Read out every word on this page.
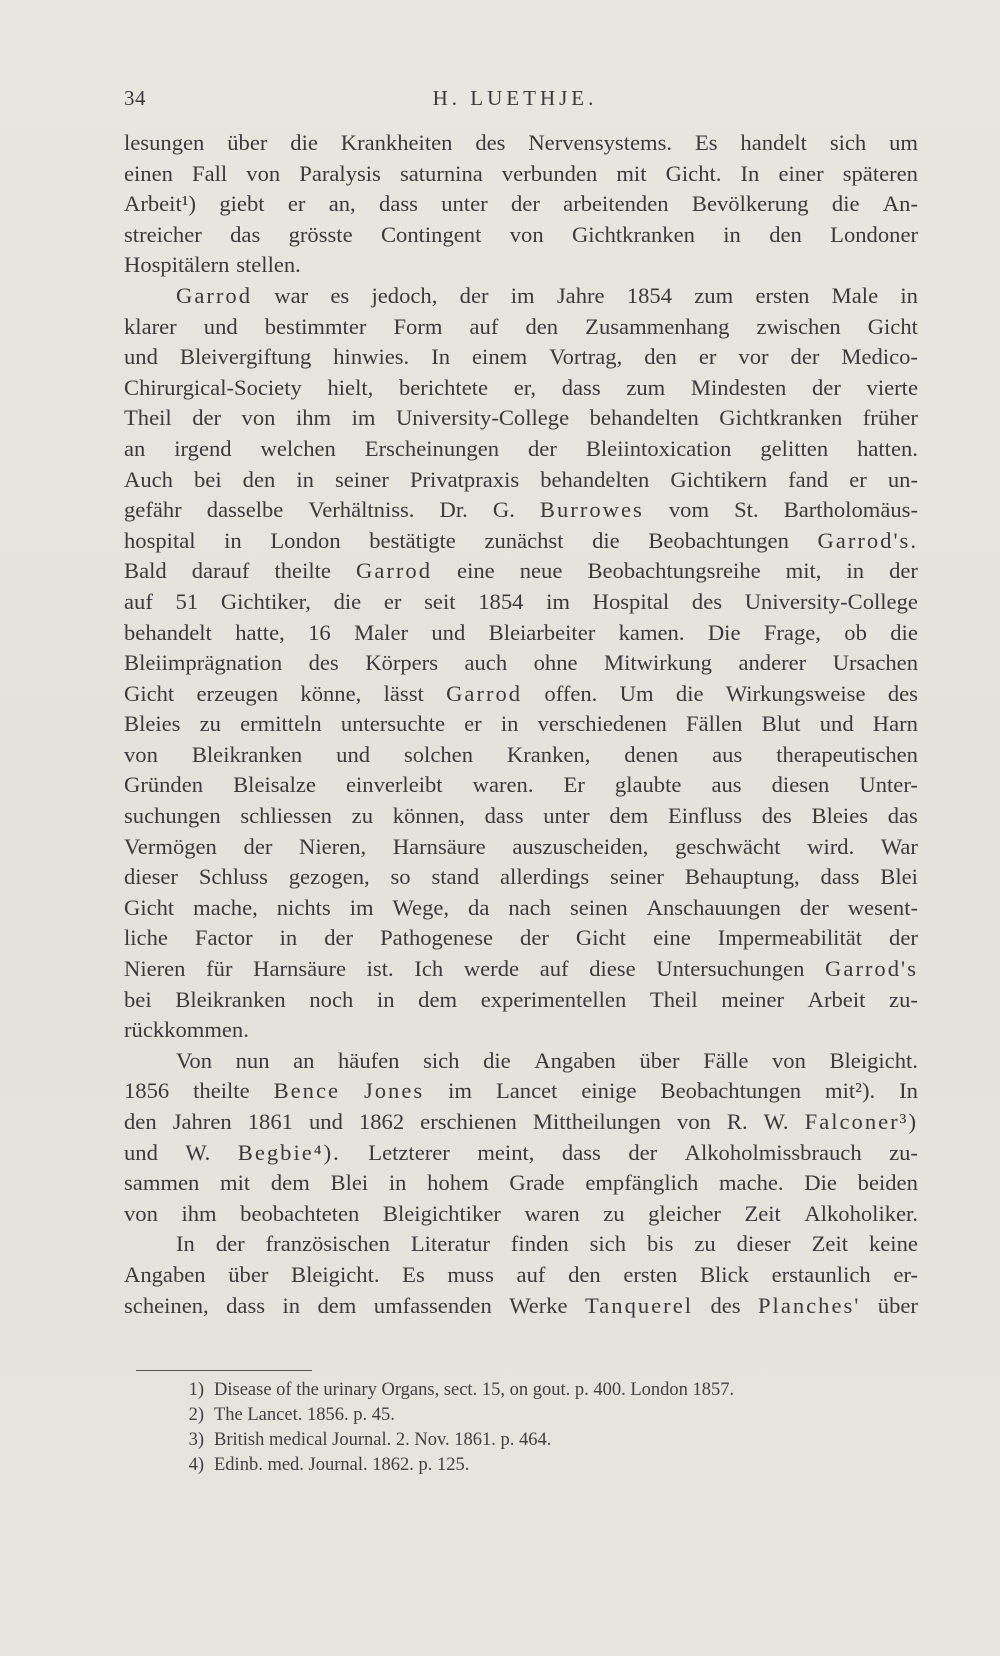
34	H. LUETHJE.
lesungen über die Krankheiten des Nervensystems. Es handelt sich um
einen Fall von Paralysis saturnina verbunden mit Gicht. In einer späteren
Arbeit¹) giebt er an, dass unter der arbeitenden Bevölkerung die An-
streicher das grösste Contingent von Gichtkranken in den Londoner
Hospitälern stellen.
Garrod war es jedoch, der im Jahre 1854 zum ersten Male in
klarer und bestimmter Form auf den Zusammenhang zwischen Gicht
und Bleivergiftung hinwies. In einem Vortrag, den er vor der Medico-
Chirurgical-Society hielt, berichtete er, dass zum Mindesten der vierte
Theil der von ihm im University-College behandelten Gichtkranken früher
an irgend welchen Erscheinungen der Bleiintoxication gelitten hatten.
Auch bei den in seiner Privatpraxis behandelten Gichtikern fand er un-
gefähr dasselbe Verhältniss. Dr. G. Burrowes vom St. Bartholomäus-
hospital in London bestätigte zunächst die Beobachtungen Garrod's.
Bald darauf theilte Garrod eine neue Beobachtungsreihe mit, in der
auf 51 Gichtiker, die er seit 1854 im Hospital des University-College
behandelt hatte, 16 Maler und Bleiarbeiter kamen. Die Frage, ob die
Bleiimprägnation des Körpers auch ohne Mitwirkung anderer Ursachen
Gicht erzeugen könne, lässt Garrod offen. Um die Wirkungsweise des
Bleies zu ermitteln untersuchte er in verschiedenen Fällen Blut und Harn
von Bleikranken und solchen Kranken, denen aus therapeutischen
Gründen Bleisalze einverleibt waren. Er glaubte aus diesen Unter-
suchungen schliessen zu können, dass unter dem Einfluss des Bleies das
Vermögen der Nieren, Harnsäure auszuscheiden, geschwächt wird. War
dieser Schluss gezogen, so stand allerdings seiner Behauptung, dass Blei
Gicht mache, nichts im Wege, da nach seinen Anschauungen der wesent-
liche Factor in der Pathogenese der Gicht eine Impermeabilität der
Nieren für Harnsäure ist. Ich werde auf diese Untersuchungen Garrod's
bei Bleikranken noch in dem experimentellen Theil meiner Arbeit zu-
rückkommen.
Von nun an häufen sich die Angaben über Fälle von Bleigicht.
1856 theilte Bence Jones im Lancet einige Beobachtungen mit²). In
den Jahren 1861 und 1862 erschienen Mittheilungen von R. W. Falconer³)
und W. Begbie⁴). Letzterer meint, dass der Alkoholmissbrauch zu-
sammen mit dem Blei in hohem Grade empfänglich mache. Die beiden
von ihm beobachteten Bleigichtiker waren zu gleicher Zeit Alkoholiker.
In der französischen Literatur finden sich bis zu dieser Zeit keine
Angaben über Bleigicht. Es muss auf den ersten Blick erstaunlich er-
scheinen, dass in dem umfassenden Werke Tanquerel des Planches' über
1) Disease of the urinary Organs, sect. 15, on gout. p. 400. London 1857.
2) The Lancet. 1856. p. 45.
3) British medical Journal. 2. Nov. 1861. p. 464.
4) Edinb. med. Journal. 1862. p. 125.
